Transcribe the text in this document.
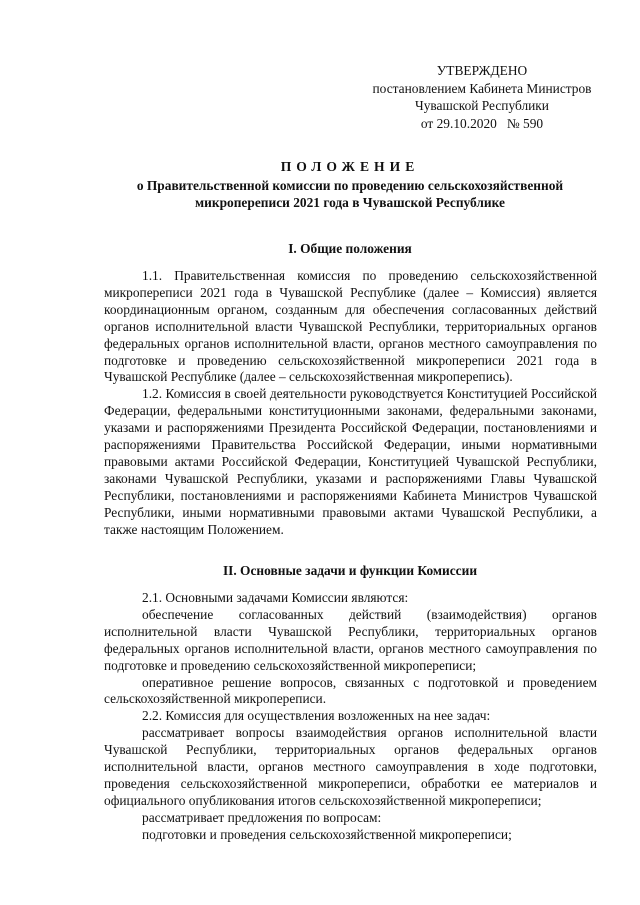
УТВЕРЖДЕНО
постановлением Кабинета Министров
Чувашской Республики
от 29.10.2020   № 590
ПОЛОЖЕНИЕ
о Правительственной комиссии по проведению сельскохозяйственной
микропереписи 2021 года в Чувашской Республике
I. Общие положения

1.1. Правительственная комиссия по проведению сельскохозяйственной микропереписи 2021 года в Чувашской Республике (далее – Комиссия) является координационным органом, созданным для обеспечения согласованных действий органов исполнительной власти Чувашской Республики, территориальных органов федеральных органов исполнительной власти, органов местного самоуправления по подготовке и проведению сельскохозяйственной микропереписи 2021 года в Чувашской Республике (далее – сельскохозяйственная микроперепись).

1.2. Комиссия в своей деятельности руководствуется Конституцией Российской Федерации, федеральными конституционными законами, федеральными законами, указами и распоряжениями Президента Российской Федерации, постановлениями и распоряжениями Правительства Российской Федерации, иными нормативными правовыми актами Российской Федерации, Конституцией Чувашской Республики, законами Чувашской Республики, указами и распоряжениями Главы Чувашской Республики, постановлениями и распоряжениями Кабинета Министров Чувашской Республики, иными нормативными правовыми актами Чувашской Республики, а также настоящим Положением.

II. Основные задачи и функции Комиссии

2.1. Основными задачами Комиссии являются:

обеспечение согласованных действий (взаимодействия) органов исполнительной власти Чувашской Республики, территориальных органов федеральных органов исполнительной власти, органов местного самоуправления по подготовке и проведению сельскохозяйственной микропереписи;

оперативное решение вопросов, связанных с подготовкой и проведением сельскохозяйственной микропереписи.

2.2. Комиссия для осуществления возложенных на нее задач:

рассматривает вопросы взаимодействия органов исполнительной власти Чувашской Республики, территориальных органов федеральных органов исполнительной власти, органов местного самоуправления в ходе подготовки, проведения сельскохозяйственной микропереписи, обработки ее материалов и официального опубликования итогов сельскохозяйственной микропереписи;

рассматривает предложения по вопросам:

подготовки и проведения сельскохозяйственной микропереписи;
